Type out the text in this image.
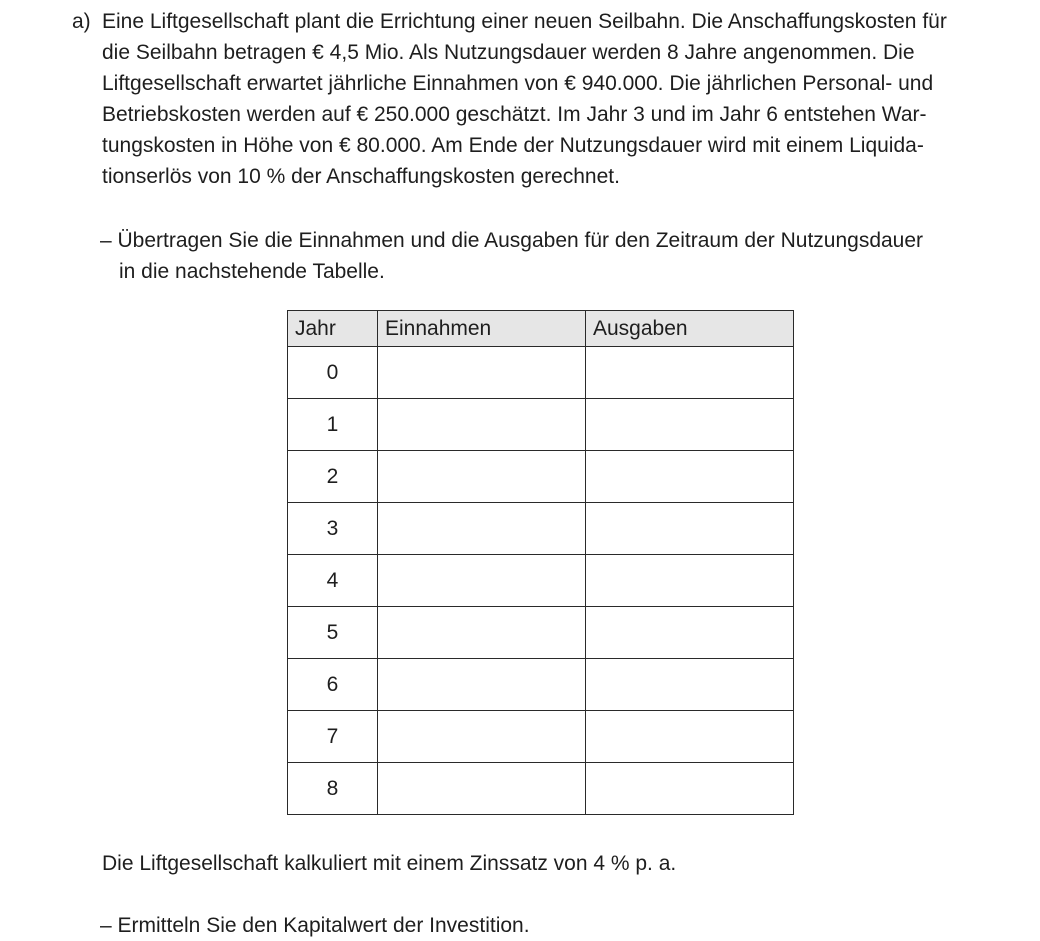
a) Eine Liftgesellschaft plant die Errichtung einer neuen Seilbahn. Die Anschaffungskosten für
die Seilbahn betragen € 4,5 Mio. Als Nutzungsdauer werden 8 Jahre angenommen. Die
Liftgesellschaft erwartet jährliche Einnahmen von € 940.000. Die jährlichen Personal- und
Betriebskosten werden auf € 250.000 geschätzt. Im Jahr 3 und im Jahr 6 entstehen War-
tungskosten in Höhe von € 80.000. Am Ende der Nutzungsdauer wird mit einem Liquida-
tionserlös von 10 % der Anschaffungskosten gerechnet.

– Übertragen Sie die Einnahmen und die Ausgaben für den Zeitraum der Nutzungsdauer
in die nachstehende Tabelle.
Jahr	Einnahmen	Ausgaben
0		
1		
2		
3		
4		
5		
6		
7		
8		

Die Liftgesellschaft kalkuliert mit einem Zinssatz von 4 % p. a.

– Ermitteln Sie den Kapitalwert der Investition.
